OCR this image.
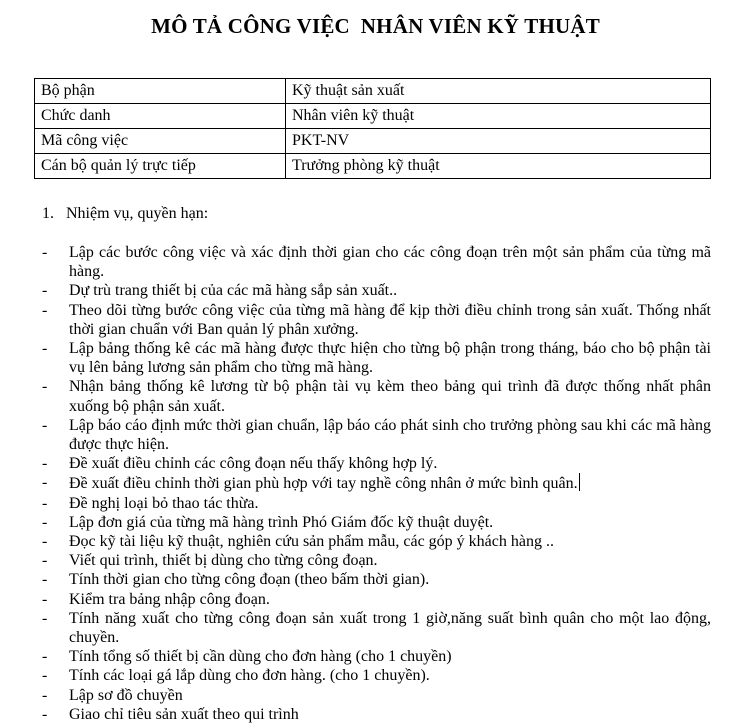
MÔ TẢ CÔNG VIỆC  NHÂN VIÊN KỸ THUẬT
Bộ phận	Kỹ thuật sản xuất
Chức danh	Nhân viên kỹ thuật
Mã công việc	PKT-NV
Cán bộ quản lý trực tiếp	Trưởng phòng kỹ thuật
1. Nhiệm vụ, quyền hạn:
- Lập các bước công việc và xác định thời gian cho các công đoạn trên một sản phẩm của từng mã hàng.
- Dự trù trang thiết bị của các mã hàng sắp sản xuất..
- Theo dõi từng bước công việc của từng mã hàng để kịp thời điều chỉnh trong sản xuất. Thống nhất thời gian chuẩn với Ban quản lý phân xưởng.
- Lập bảng thống kê các mã hàng được thực hiện cho từng bộ phận trong tháng, báo cho bộ phận tài vụ lên bảng lương sản phẩm cho từng mã hàng.
- Nhận bảng thống kê lương từ bộ phận tài vụ kèm theo bảng qui trình đã được thống nhất phân xuống bộ phận sản xuất.
- Lập báo cáo định mức thời gian chuẩn, lập báo cáo phát sinh cho trưởng phòng sau khi các mã hàng được thực hiện.
- Đề xuất điều chỉnh các công đoạn nếu thấy không hợp lý.
- Đề xuất điều chỉnh thời gian phù hợp với tay nghề công nhân ở mức bình quân.
- Đề nghị loại bỏ thao tác thừa.
- Lập đơn giá của từng mã hàng trình Phó Giám đốc kỹ thuật duyệt.
- Đọc kỹ tài liệu kỹ thuật, nghiên cứu sản phẩm mẫu, các góp ý khách hàng ..
- Viết qui trình, thiết bị dùng cho từng công đoạn.
- Tính thời gian cho từng công đoạn (theo bấm thời gian).
- Kiểm tra bảng nhập công đoạn.
- Tính năng xuất cho từng công đoạn sản xuất trong 1 giờ,năng suất bình quân cho một lao động, chuyền.
- Tính tổng số thiết bị cần dùng cho đơn hàng (cho 1 chuyền)
- Tính các loại gá lắp dùng cho đơn hàng. (cho 1 chuyền).
- Lập sơ đồ chuyền
- Giao chỉ tiêu sản xuất theo qui trình
